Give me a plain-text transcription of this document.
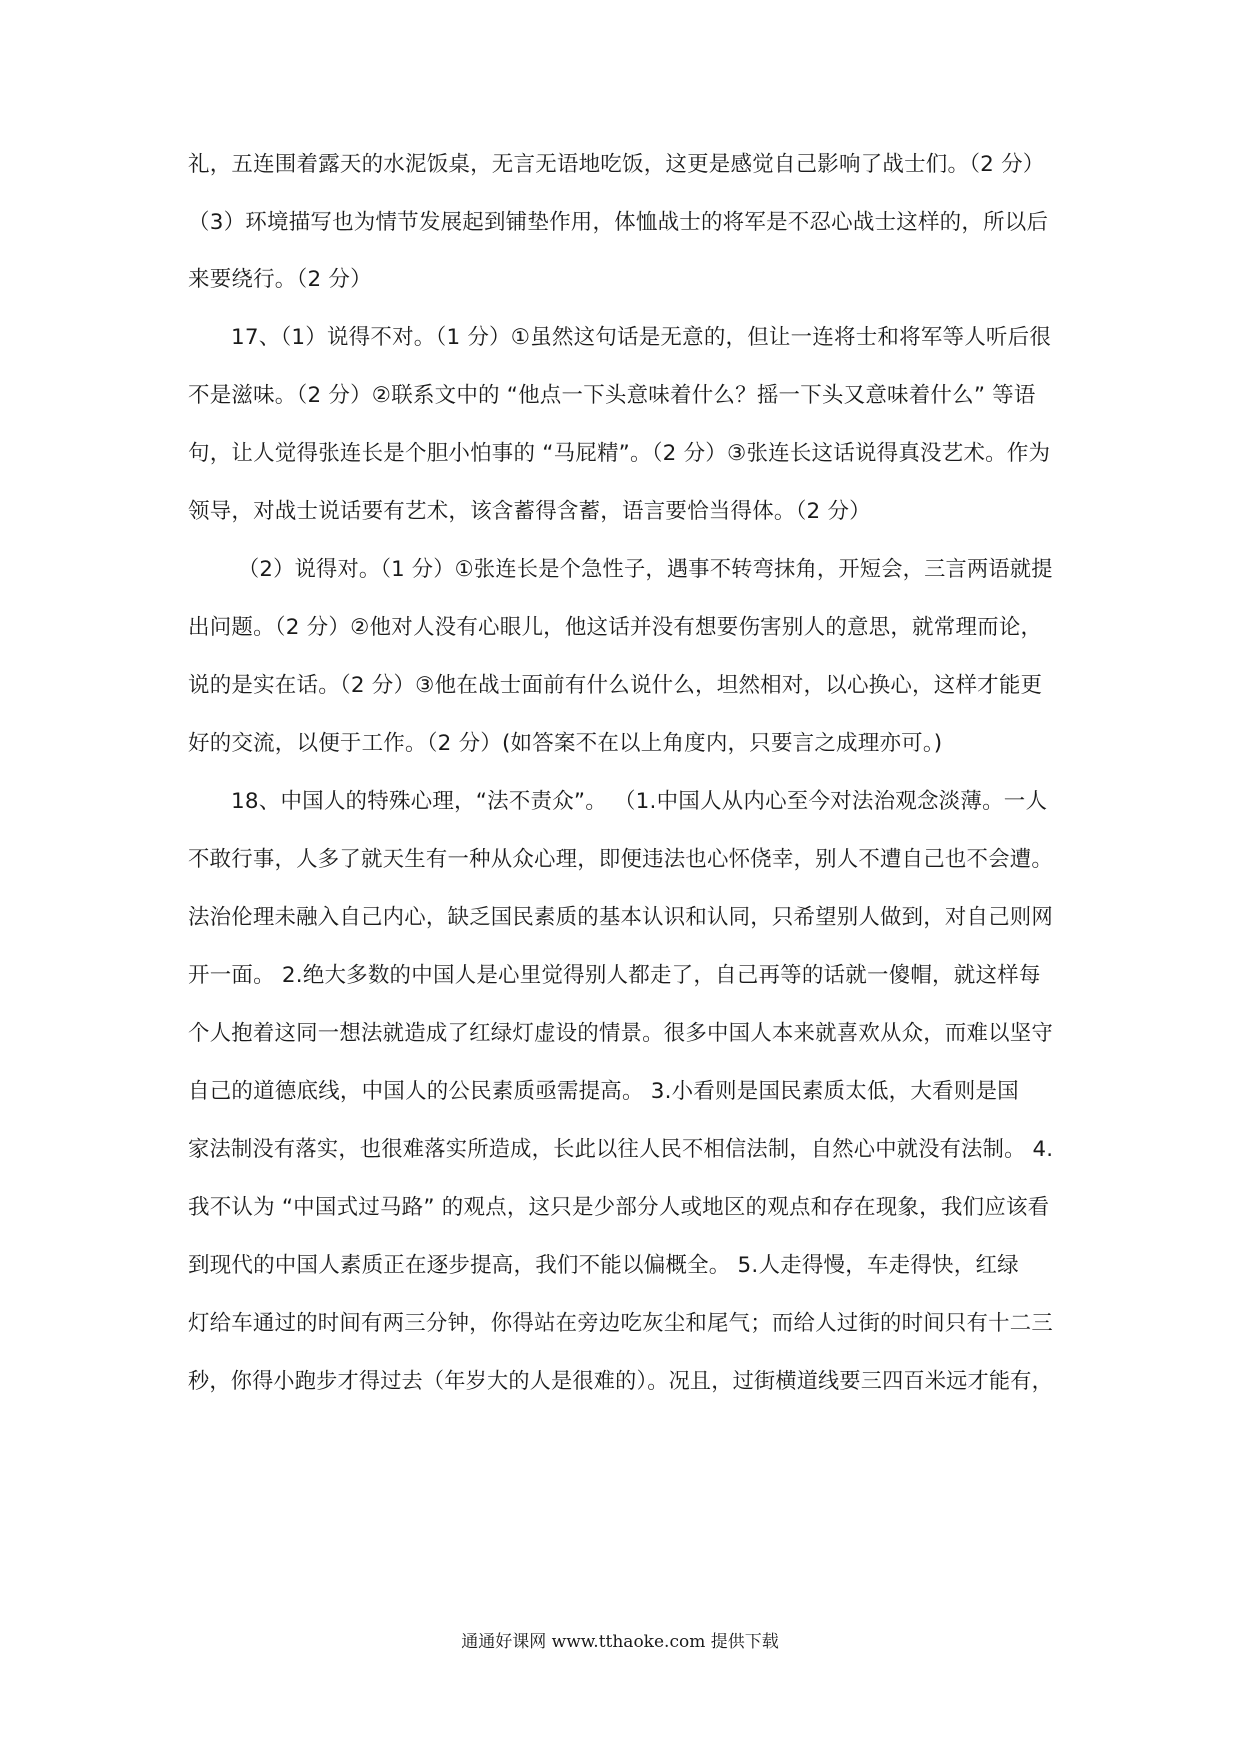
礼，五连围着露天的水泥饭桌，无言无语地吃饭，这更是感觉自己影响了战士们。（2 分）
（3）环境描写也为情节发展起到铺垫作用，体恤战士的将军是不忍心战士这样的，所以后
来要绕行。（2 分）
17、（1）说得不对。（1 分）①虽然这句话是无意的，但让一连将士和将军等人听后很
不是滋味。（2 分）②联系文中的 “他点一下头意味着什么？摇一下头又意味着什么” 等语
句，让人觉得张连长是个胆小怕事的 “马屁精”。（2 分）③张连长这话说得真没艺术。作为
领导，对战士说话要有艺术，该含蓄得含蓄，语言要恰当得体。（2 分）
（2）说得对。（1 分）①张连长是个急性子，遇事不转弯抹角，开短会，三言两语就提
出问题。（2 分）②他对人没有心眼儿，他这话并没有想要伤害别人的意思，就常理而论，
说的是实在话。（2 分）③他在战士面前有什么说什么，坦然相对，以心换心，这样才能更
好的交流，以便于工作。（2 分）(如答案不在以上角度内，只要言之成理亦可。)
18、中国人的特殊心理，“法不责众”。 （1.中国人从内心至今对法治观念淡薄。一人
不敢行事，人多了就天生有一种从众心理，即便违法也心怀侥幸，别人不遭自己也不会遭。
法治伦理未融入自己内心，缺乏国民素质的基本认识和认同，只希望别人做到，对自己则网
开一面。 2.绝大多数的中国人是心里觉得别人都走了，自己再等的话就一傻帽，就这样每
个人抱着这同一想法就造成了红绿灯虚设的情景。很多中国人本来就喜欢从众，而难以坚守
自己的道德底线，中国人的公民素质亟需提高。 3.小看则是国民素质太低，大看则是国
家法制没有落实，也很难落实所造成，长此以往人民不相信法制，自然心中就没有法制。 4.
我不认为 “中国式过马路” 的观点，这只是少部分人或地区的观点和存在现象，我们应该看
到现代的中国人素质正在逐步提高，我们不能以偏概全。 5.人走得慢，车走得快，红绿
灯给车通过的时间有两三分钟，你得站在旁边吃灰尘和尾气；而给人过街的时间只有十二三
秒，你得小跑步才得过去（年岁大的人是很难的）。况且，过街横道线要三四百米远才能有，
通通好课网 www.tthaoke.com 提供下载
